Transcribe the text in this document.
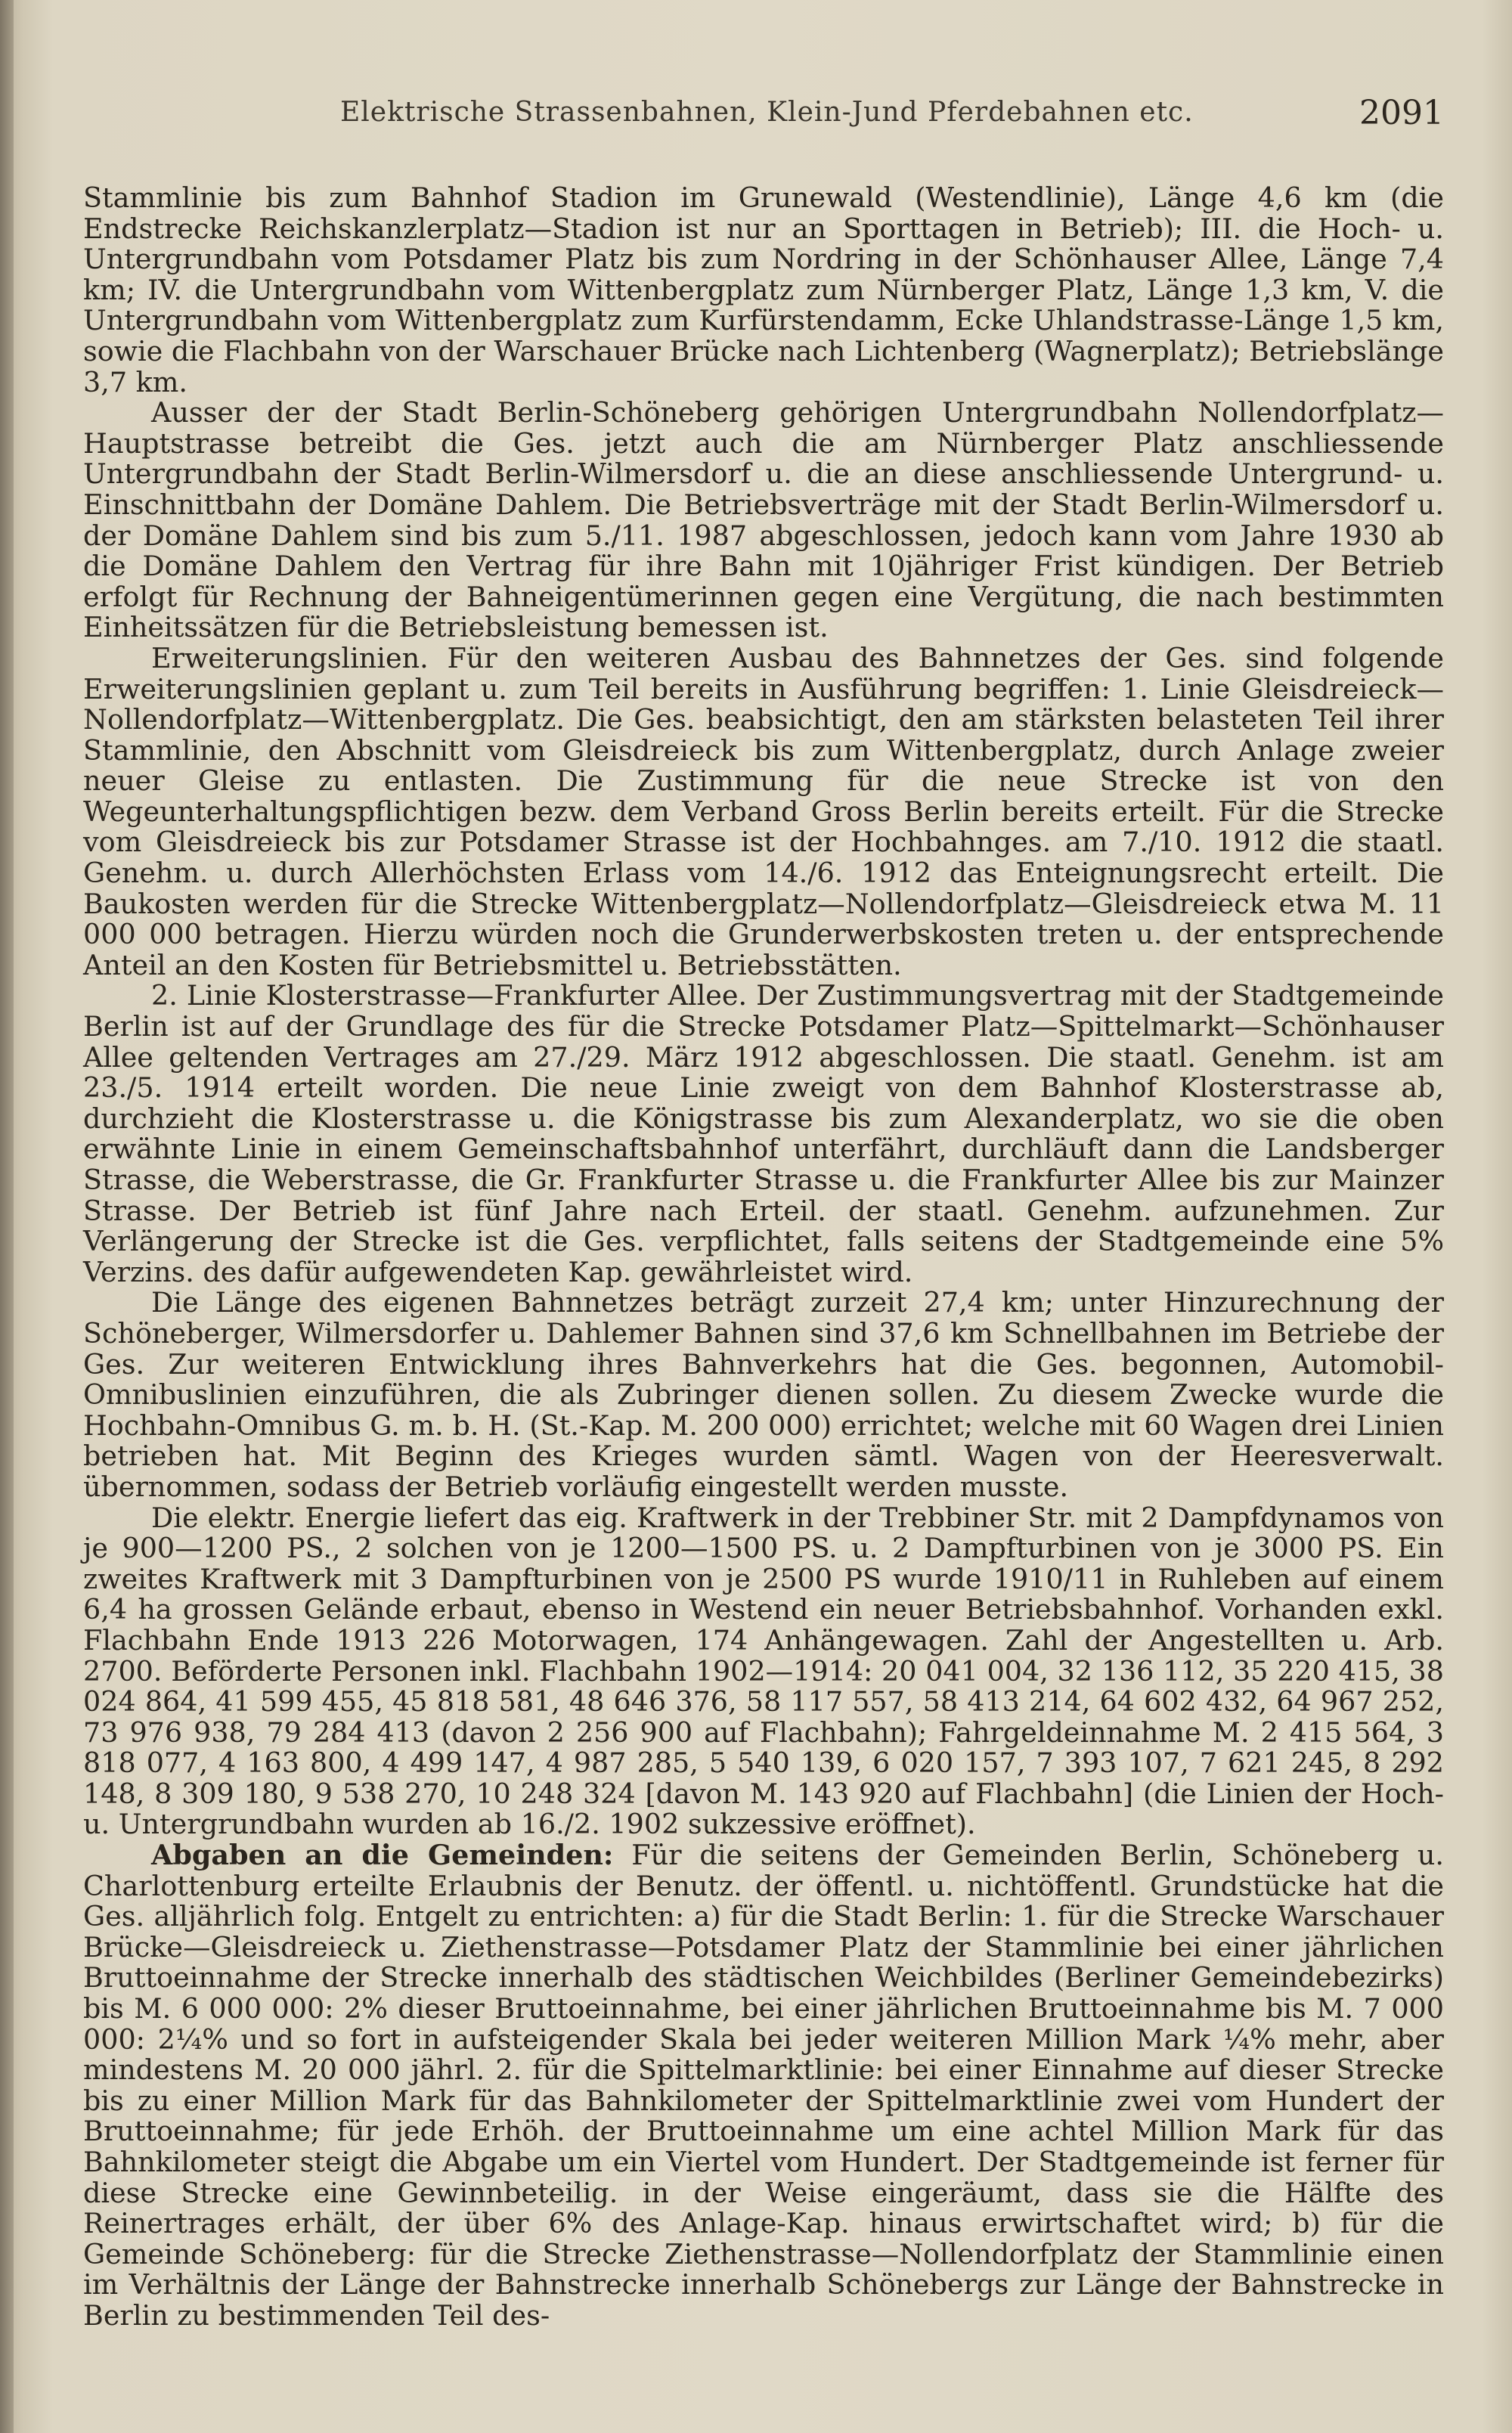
Elektrische Strassenbahnen, Klein-Jund Pferdebahnen etc.	2091

Stammlinie bis zum Bahnhof Stadion im Grunewald (Westendlinie), Länge 4,6 km (die Endstrecke Reichskanzlerplatz—Stadion ist nur an Sporttagen in Betrieb); III. die Hoch- u. Untergrundbahn vom Potsdamer Platz bis zum Nordring in der Schönhauser Allee, Länge 7,4 km; IV. die Untergrundbahn vom Wittenbergplatz zum Nürnberger Platz, Länge 1,3 km, V. die Untergrundbahn vom Wittenbergplatz zum Kurfürstendamm, Ecke Uhlandstrasse-Länge 1,5 km, sowie die Flachbahn von der Warschauer Brücke nach Lichtenberg (Wagnerplatz); Betriebslänge 3,7 km.

Ausser der der Stadt Berlin-Schöneberg gehörigen Untergrundbahn Nollendorfplatz—Hauptstrasse betreibt die Ges. jetzt auch die am Nürnberger Platz anschliessende Untergrundbahn der Stadt Berlin-Wilmersdorf u. die an diese anschliessende Untergrund- u. Einschnittbahn der Domäne Dahlem. Die Betriebsverträge mit der Stadt Berlin-Wilmersdorf u. der Domäne Dahlem sind bis zum 5./11. 1987 abgeschlossen, jedoch kann vom Jahre 1930 ab die Domäne Dahlem den Vertrag für ihre Bahn mit 10jähriger Frist kündigen. Der Betrieb erfolgt für Rechnung der Bahneigentümerinnen gegen eine Vergütung, die nach bestimmten Einheitssätzen für die Betriebsleistung bemessen ist.

Erweiterungslinien. Für den weiteren Ausbau des Bahnnetzes der Ges. sind folgende Erweiterungslinien geplant u. zum Teil bereits in Ausführung begriffen: 1. Linie Gleisdreieck—Nollendorfplatz—Wittenbergplatz. Die Ges. beabsichtigt, den am stärksten belasteten Teil ihrer Stammlinie, den Abschnitt vom Gleisdreieck bis zum Wittenbergplatz, durch Anlage zweier neuer Gleise zu entlasten. Die Zustimmung für die neue Strecke ist von den Wegeunterhaltungspflichtigen bezw. dem Verband Gross Berlin bereits erteilt. Für die Strecke vom Gleisdreieck bis zur Potsdamer Strasse ist der Hochbahnges. am 7./10. 1912 die staatl. Genehm. u. durch Allerhöchsten Erlass vom 14./6. 1912 das Enteignungsrecht erteilt. Die Baukosten werden für die Strecke Wittenbergplatz—Nollendorfplatz—Gleisdreieck etwa M. 11 000 000 betragen. Hierzu würden noch die Grunderwerbskosten treten u. der entsprechende Anteil an den Kosten für Betriebsmittel u. Betriebsstätten.

2. Linie Klosterstrasse—Frankfurter Allee. Der Zustimmungsvertrag mit der Stadtgemeinde Berlin ist auf der Grundlage des für die Strecke Potsdamer Platz—Spittelmarkt—Schönhauser Allee geltenden Vertrages am 27./29. März 1912 abgeschlossen. Die staatl. Genehm. ist am 23./5. 1914 erteilt worden. Die neue Linie zweigt von dem Bahnhof Klosterstrasse ab, durchzieht die Klosterstrasse u. die Königstrasse bis zum Alexanderplatz, wo sie die oben erwähnte Linie in einem Gemeinschaftsbahnhof unterfährt, durchläuft dann die Landsberger Strasse, die Weberstrasse, die Gr. Frankfurter Strasse u. die Frankfurter Allee bis zur Mainzer Strasse. Der Betrieb ist fünf Jahre nach Erteil. der staatl. Genehm. aufzunehmen. Zur Verlängerung der Strecke ist die Ges. verpflichtet, falls seitens der Stadtgemeinde eine 5% Verzins. des dafür aufgewendeten Kap. gewährleistet wird.

Die Länge des eigenen Bahnnetzes beträgt zurzeit 27,4 km; unter Hinzurechnung der Schöneberger, Wilmersdorfer u. Dahlemer Bahnen sind 37,6 km Schnellbahnen im Betriebe der Ges. Zur weiteren Entwicklung ihres Bahnverkehrs hat die Ges. begonnen, Automobil-Omnibuslinien einzuführen, die als Zubringer dienen sollen. Zu diesem Zwecke wurde die Hochbahn-Omnibus G. m. b. H. (St.-Kap. M. 200 000) errichtet; welche mit 60 Wagen drei Linien betrieben hat. Mit Beginn des Krieges wurden sämtl. Wagen von der Heeresverwalt. übernommen, sodass der Betrieb vorläufig eingestellt werden musste.

Die elektr. Energie liefert das eig. Kraftwerk in der Trebbiner Str. mit 2 Dampfdynamos von je 900—1200 PS., 2 solchen von je 1200—1500 PS. u. 2 Dampfturbinen von je 3000 PS. Ein zweites Kraftwerk mit 3 Dampfturbinen von je 2500 PS wurde 1910/11 in Ruhleben auf einem 6,4 ha grossen Gelände erbaut, ebenso in Westend ein neuer Betriebsbahnhof. Vorhanden exkl. Flachbahn Ende 1913 226 Motorwagen, 174 Anhängewagen. Zahl der Angestellten u. Arb. 2700. Beförderte Personen inkl. Flachbahn 1902—1914: 20 041 004, 32 136 112, 35 220 415, 38 024 864, 41 599 455, 45 818 581, 48 646 376, 58 117 557, 58 413 214, 64 602 432, 64 967 252, 73 976 938, 79 284 413 (davon 2 256 900 auf Flachbahn); Fahrgeldeinnahme M. 2 415 564, 3 818 077, 4 163 800, 4 499 147, 4 987 285, 5 540 139, 6 020 157, 7 393 107, 7 621 245, 8 292 148, 8 309 180, 9 538 270, 10 248 324 [davon M. 143 920 auf Flachbahn] (die Linien der Hoch- u. Untergrundbahn wurden ab 16./2. 1902 sukzessive eröffnet).

Abgaben an die Gemeinden: Für die seitens der Gemeinden Berlin, Schöneberg u. Charlottenburg erteilte Erlaubnis der Benutz. der öffentl. u. nichtöffentl. Grundstücke hat die Ges. alljährlich folg. Entgelt zu entrichten: a) für die Stadt Berlin: 1. für die Strecke Warschauer Brücke—Gleisdreieck u. Ziethenstrasse—Potsdamer Platz der Stammlinie bei einer jährlichen Bruttoeinnahme der Strecke innerhalb des städtischen Weichbildes (Berliner Gemeindebezirks) bis M. 6 000 000: 2% dieser Bruttoeinnahme, bei einer jährlichen Bruttoeinnahme bis M. 7 000 000: 2¼% und so fort in aufsteigender Skala bei jeder weiteren Million Mark ¼% mehr, aber mindestens M. 20 000 jährl. 2. für die Spittelmarktlinie: bei einer Einnahme auf dieser Strecke bis zu einer Million Mark für das Bahnkilometer der Spittelmarktlinie zwei vom Hundert der Bruttoeinnahme; für jede Erhöh. der Bruttoeinnahme um eine achtel Million Mark für das Bahnkilometer steigt die Abgabe um ein Viertel vom Hundert. Der Stadtgemeinde ist ferner für diese Strecke eine Gewinnbeteilig. in der Weise eingeräumt, dass sie die Hälfte des Reinertrages erhält, der über 6% des Anlage-Kap. hinaus erwirtschaftet wird; b) für die Gemeinde Schöneberg: für die Strecke Ziethenstrasse—Nollendorfplatz der Stammlinie einen im Verhältnis der Länge der Bahnstrecke innerhalb Schönebergs zur Länge der Bahnstrecke in Berlin zu bestimmenden Teil des-
